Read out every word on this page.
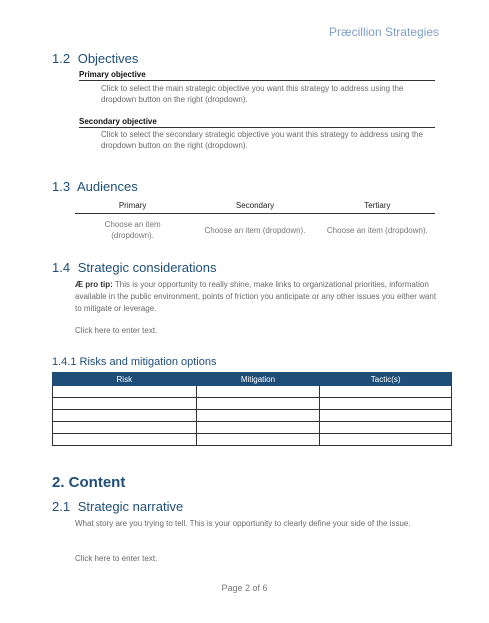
Præcillion Strategies
1.2 Objectives
Primary objective
Click to select the main strategic objective you want this strategy to address using the dropdown button on the right (dropdown).
Secondary objective
Click to select the secondary strategic objective you want this strategy to address using the dropdown button on the right (dropdown).
1.3 Audiences
Primary	Secondary	Tertiary

Choose an item (dropdown).	Choose an item (dropdown).	Choose an item (dropdown).
1.4 Strategic considerations
Æ pro tip: This is your opportunity to really shine, make links to organizational priorities, information available in the public environment, points of friction you anticipate or any other issues you either want to mitigate or leverage.
Click here to enter text.
1.4.1 Risks and mitigation options
Risk	Mitigation	Tactic(s)

2. Content
2.1 Strategic narrative
What story are you trying to tell. This is your opportunity to clearly define your side of the issue.
Click here to enter text.
Page 2 of 6
